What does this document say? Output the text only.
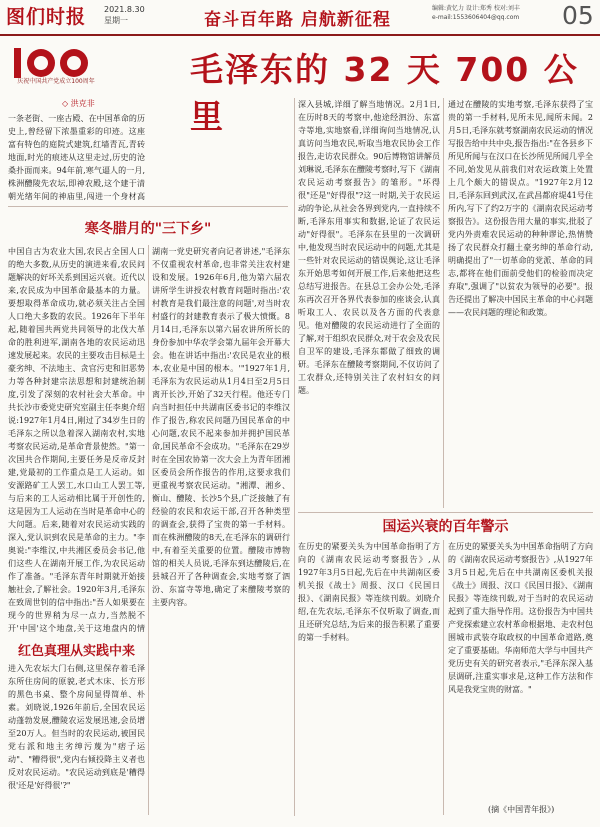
图们时报 2021.8.30
星期一	奋斗百年路 启航新征程
编辑:黄忆力 设计:郑秀 校对:刘丰
e-mail:1553606404@qq.com	05
庆祝中国共产党成立100周年	毛泽东的 32 天 700 公里
◇ 洪克非
一条老街、一座古殿、在中国革命的历史上,曾经留下浓墨重彩的印迹。这座富有特色的庭院式建筑,红墙青瓦,青砖地面,时光的痕迹从这里走过,历史的沧桑扑面而来。94年前,寒气逼人的一月,株洲醴陵先农坛,即神农殿,这个建于清朝光绪年间的神庙里,闯进一个身材高
寒冬腊月的"三下乡"
中国自古为农业大国,农民占全国人口的绝大多数,从历史的演进来看,农民问题解决的好坏关系到国运兴衰。近代以来,农民成为中国革命最基本的力量。要想取得革命成功,就必须关注占全国人口绝大多数的农民。1926年下半年起,随着国共两党共同领导的北伐大革命的胜利进军,湖南各地的农民运动迅速发展起来。农民的主要攻击目标是土豪劣绅、不法地主、贪官污吏和旧恶势力等各种封建宗法思想和封建统治制度,引发了深刻的农村社会大革命。中共长沙市委党史研究室副主任李奥介绍说:1927年1月4日,刚过了34岁生日的毛泽东之所以急着深入湖南农村,实地考察农民运动,是革命背景使然。"第一次国共合作期间,主要任务是反帝反封建,党最初的工作重点是工人运动。如安源路矿工人罢工,水口山工人罢工等,与后来的工人运动相比属于开创性的,这是因为工人运动在当时是革命中心的大问题。后来,随着对农民运动实践的深入,党认识到农民是革命的主力。"李奥说:"李维汉,中共湘区委员会书记,他们这些人在湖南开展工作,为农民运动作了准备。"毛泽东青年时期就开始接触社会,了解社会。1920年3月,毛泽东在致周世钊的信中指出:"吾人如果要在现今的世界稍为尽一点力,当然脱不开'中国'这个地盘,关于这地盘内的情
湖南一党史研究者向记者讲述,"毛泽东不仅重视农村革命,也非常关注农村建设和发展。1926年6月,他为第六届农讲所学生讲授农村教育问题时指出:'农村教育是我们最注意的问题',对当时农村盛行的封建教育表示了极大愤慨。8月14日,毛泽东以第六届农讲所所长的身份参加中华农学会第九届年会开幕大会。他在讲话中指出:'农民是农业的根本,农业是中国的根本。'"1927年1月,毛泽东为农民运动从1月4日至2月5日离开长沙,开始了32天行程。他还专门向当时担任中共湖南区委书记的李维汉作了报告,称农民问题乃国民革命的中心问题,农民不起来参加并拥护国民革命,国民革命不会成功。"毛泽东在29岁时在全国农协第一次大会上为青年团湘区委员会所作报告的作用,这要求我们更重视考察农民运动。"湘潭、湘乡、衡山、醴陵、长沙5个县,广泛接触了有经验的农民和农运干部,召开各种类型的调查会,获得了宝贵的第一手材料。而在株洲醴陵的8天,在毛泽东的调研行中,有着至关重要的位置。醴陵市博物馆的相关人员说,毛泽东到达醴陵后,在县城召开了各种调查会,实地考察了泗汾、东富寺等地,确定了来醴陵考察的主要内容。
红色真理从实践中来
进入先农坛大门右侧,这里保存着毛泽东所住房间的原貌,老式木床、长方形的黑色书桌、整个房间显得简单、朴素。刘晓说,1926年前后,全国农民运动蓬勃发展,醴陵农运发展迅速,会员增至20万人。但当时的农民运动,被国民党右派和地主劣绅污蔑为"痞子运动"、"糟得很",党内右倾投降主义者也反对农民运动。"农民运动到底是'糟得很'还是'好得很'?"
深入县城,详细了解当地情况。2月1日,在历时8天的考察中,他途经泗汾、东富寺等地,实地察看,详细询问当地情况,认真访问当地农民,听取当地农民协会工作报告,走访农民群众。90后博物馆讲解员刘琳说,毛泽东在醴陵考察时,写下《湖南农民运动考察报告》的雏形。"坏得很"还是"好得很"?这一时期,关于农民运动的争论,从社会各界到党内,一直持续不断,毛泽东用事实和数据,论证了农民运动"好得很"。毛泽东在县里的一次调研中,他发现当时农民运动中的问题,尤其是一些针对农民运动的错误舆论,这让毛泽东开始思考如何开展工作,后来他把这些总结写进报告。在县总工会办公处,毛泽东再次召开各界代表参加的座谈会,认真听取工人、农民以及各方面的代表意见。他对醴陵的农民运动进行了全面的了解,对于组织农民群众,对于农会及农民自卫军的建设,毛泽东都做了细致的调研。毛泽东在醴陵考察期间,不仅访问了工农群众,还特别关注了农村妇女的问题。
通过在醴陵的实地考察,毛泽东获得了宝贵的第一手材料,见所未见,闻所未闻。2月5日,毛泽东就考察湖南农民运动的情况写报告给中共中央,报告指出:"在各县乡下所见所闻与在汉口在长沙所见所闻几乎全不同,始发见从前我们对农运政策上处置上几个颇大的错误点。"1927年2月12日,毛泽东回到武汉,在武昌都府堤41号住所内,写下了约2万字的《湖南农民运动考察报告》。这份报告用大量的事实,批驳了党内外责难农民运动的种种谬论,热情赞扬了农民群众打翻土豪劣绅的革命行动,明确提出了"一切革命的党派、革命的同志,都将在他们面前受他们的检验而决定弃取",强调了"以贫农为领导的必要"。报告还提出了解决中国民主革命的中心问题——农民问题的理论和政策。
国运兴衰的百年警示
在历史的紧要关头为中国革命指明了方向的《湖南农民运动考察报告》,从1927年3月5日起,先后在中共湖南区委机关报《战士》周报、汉口《民国日报》、《湖南民报》等连续刊载。刘晓介绍,在先农坛,毛泽东不仅听取了调查,而且还研究总结,为后来的报告积累了重要的第一手材料。
在历史的紧要关头为中国革命指明了方向的《湖南农民运动考察报告》,从1927年3月5日起,先后在中共湖南区委机关报《战士》周报、汉口《民国日报》、《湖南民报》等连续刊载,对于当时的农民运动起到了重大指导作用。这份报告为中国共产党探索建立农村革命根据地、走农村包围城市武装夺取政权的中国革命道路,奠定了重要基础。华南师范大学与中国共产党历史有关的研究者表示,"毛泽东深入基层调研,注重实事求是,这种工作方法和作风是我党宝贵的财富。"
(摘《中国青年报》)
